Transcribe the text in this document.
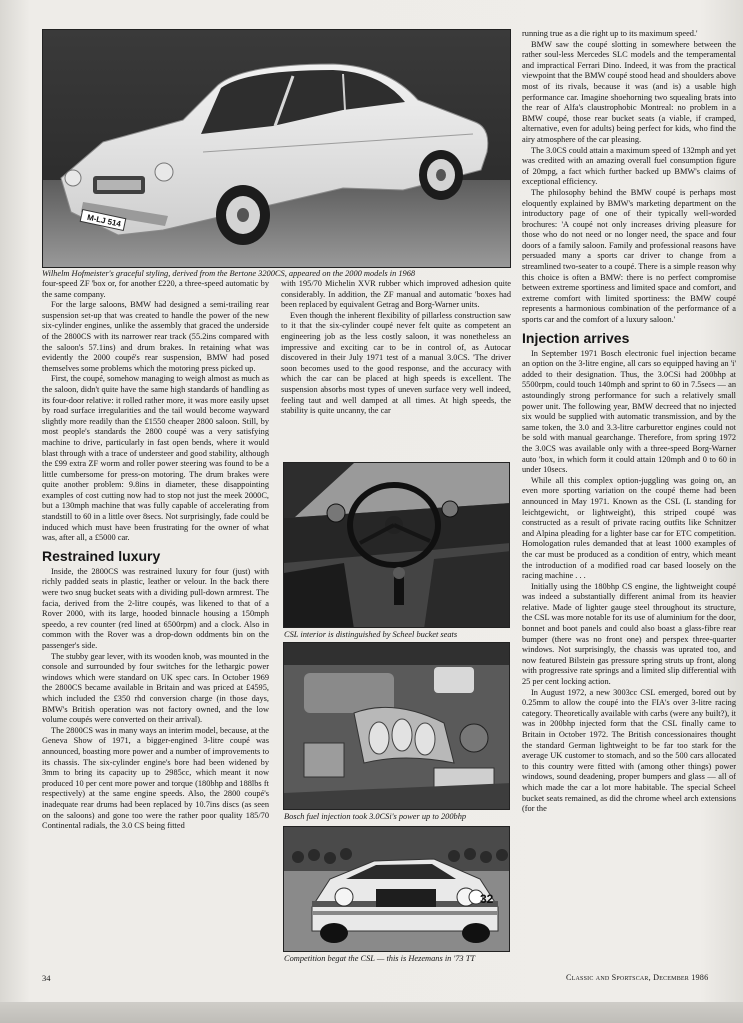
M-LJ 514
Wilhelm Hofmeister's graceful styling, derived from the Bertone 3200CS, appeared on the 2000 models in 1968

four-speed ZF 'box or, for another £220, a three-speed automatic by the same company.

For the large saloons, BMW had designed a semi-trailing rear suspension set-up that was created to handle the power of the new six-cylinder engines, unlike the assembly that graced the underside of the 2800CS with its narrower rear track (55.2ins compared with the saloon's 57.1ins) and drum brakes. In retaining what was evidently the 2000 coupé's rear suspension, BMW had posed themselves some problems which the motoring press picked up.

First, the coupé, somehow managing to weigh almost as much as the saloon, didn't quite have the same high standards of handling as its four-door relative: it rolled rather more, it was more easily upset by road surface irregularities and the tail would become wayward slightly more readily than the £1550 cheaper 2800 saloon. Still, by most people's standards the 2800 coupé was a very satisfying machine to drive, particularly in fast open bends, where it would blast through with a trace of understeer and good stability, although the £99 extra ZF worm and roller power steering was found to be a little cumbersome for press-on motoring. The drum brakes were quite another problem: 9.8ins in diameter, these disappointing examples of cost cutting now had to stop not just the meek 2000C, but a 130mph machine that was fully capable of accelerating from standstill to 60 in a little over 8secs. Not surprisingly, fade could be induced which must have been frustrating for the owner of what was, after all, a £5000 car.

Restrained luxury

Inside, the 2800CS was restrained luxury for four (just) with richly padded seats in plastic, leather or velour. In the back there were two snug bucket seats with a dividing pull-down armrest. The facia, derived from the 2-litre coupés, was likened to that of a Rover 2000, with its large, hooded binnacle housing a 150mph speedo, a rev counter (red lined at 6500rpm) and a clock. Also in common with the Rover was a drop-down oddments bin on the passenger's side.

The stubby gear lever, with its wooden knob, was mounted in the console and surrounded by four switches for the lethargic power windows which were standard on UK spec cars. In October 1969 the 2800CS became available in Britain and was priced at £4595, which included the £350 rhd conversion charge (in those days, BMW's British operation was not factory owned, and the low volume coupés were converted on their arrival).

The 2800CS was in many ways an interim model, because, at the Geneva Show of 1971, a bigger-engined 3-litre coupé was announced, boasting more power and a number of improvements to its chassis. The six-cylinder engine's bore had been widened by 3mm to bring its capacity up to 2985cc, which meant it now produced 10 per cent more power and torque (180bhp and 188lbs ft respectively) at the same engine speeds. Also, the 2800 coupé's inadequate rear drums had been replaced by 10.7ins discs (as seen on the saloons) and gone too were the rather poor quality 185/70 Continental radials, the 3.0 CS being fitted

with 195/70 Michelin XVR rubber which improved adhesion quite considerably. In addition, the ZF manual and automatic 'boxes had been replaced by equivalent Getrag and Borg-Warner units.

Even though the inherent flexibility of pillarless construction saw to it that the six-cylinder coupé never felt quite as competent an engineering job as the less costly saloon, it was nonetheless an impressive and exciting car to be in control of, as Autocar discovered in their July 1971 test of a manual 3.0CS. 'The driver soon becomes used to the good response, and the accuracy with which the car can be placed at high speeds is excellent. The suspension absorbs most types of uneven surface very well indeed, feeling taut and well damped at all times. At high speeds, the stability is quite uncanny, the car

CSL interior is distinguished by Scheel bucket seats
Bosch fuel injection took 3.0CSi's power up to 200bhp
32
Competition begat the CSL — this is Hezemans in '73 TT

running true as a die right up to its maximum speed.'

BMW saw the coupé slotting in somewhere between the rather soul-less Mercedes SLC models and the temperamental and impractical Ferrari Dino. Indeed, it was from the practical viewpoint that the BMW coupé stood head and shoulders above most of its rivals, because it was (and is) a usable high performance car. Imagine shoehorning two squealing brats into the rear of Alfa's claustrophobic Montreal: no problem in a BMW coupé, those rear bucket seats (a viable, if cramped, alternative, even for adults) being perfect for kids, who find the airy atmosphere of the car pleasing.

The 3.0CS could attain a maximum speed of 132mph and yet was credited with an amazing overall fuel consumption figure of 20mpg, a fact which further backed up BMW's claims of exceptional efficiency.

The philosophy behind the BMW coupé is perhaps most eloquently explained by BMW's marketing department on the introductory page of one of their typically well-worded brochures: 'A coupé not only increases driving pleasure for those who do not need or no longer need, the space and four doors of a family saloon. Family and professional reasons have persuaded many a sports car driver to change from a streamlined two-seater to a coupé. There is a simple reason why this choice is often a BMW: there is no perfect compromise between extreme sportiness and limited space and comfort, and extreme comfort with limited sportiness: the BMW coupé represents a harmonious combination of the performance of a sports car and the comfort of a luxury saloon.'

Injection arrives

In September 1971 Bosch electronic fuel injection became an option on the 3-litre engine, all cars so equipped having an 'i' added to their designation. Thus, the 3.0CSi had 200bhp at 5500rpm, could touch 140mph and sprint to 60 in 7.5secs — an astoundingly strong performance for such a relatively small power unit. The following year, BMW decreed that no injected six would be supplied with automatic transmission, and by the same token, the 3.0 and 3.3-litre carburettor engines could not be sold with manual gearchange. Therefore, from spring 1972 the 3.0CS was available only with a three-speed Borg-Warner auto 'box, in which form it could attain 120mph and 0 to 60 in under 10secs.

While all this complex option-juggling was going on, an even more sporting variation on the coupé theme had been announced in May 1971. Known as the CSL (L standing for leichtgewicht, or lightweight), this striped coupé was constructed as a result of private racing outfits like Schnitzer and Alpina pleading for a lighter base car for ETC competition. Homologation rules demanded that at least 1000 examples of the car must be produced as a condition of entry, which meant the introduction of a modified road car based loosely on the racing machine . . .

Initially using the 180bhp CS engine, the lightweight coupé was indeed a substantially different animal from its heavier relative. Made of lighter gauge steel throughout its structure, the CSL was more notable for its use of aluminium for the door, bonnet and boot panels and could also boast a glass-fibre rear bumper (there was no front one) and perspex three-quarter windows. Not surprisingly, the chassis was uprated too, and now featured Bilstein gas pressure spring struts up front, along with progressive rate springs and a limited slip differential with 25 per cent locking action.

In August 1972, a new 3003cc CSL emerged, bored out by 0.25mm to allow the coupé into the FIA's over 3-litre racing category. Theoretically available with carbs (were any built?), it was in 200bhp injected form that the CSL finally came to Britain in October 1972. The British concessionaires thought the standard German lightweight to be far too stark for the average UK customer to stomach, and so the 500 cars allocated to this country were fitted with (among other things) power windows, sound deadening, proper bumpers and glass — all of which made the car a lot more habitable. The special Scheel bucket seats remained, as did the chrome wheel arch extensions (for the

34	Classic and Sportscar, December 1986
